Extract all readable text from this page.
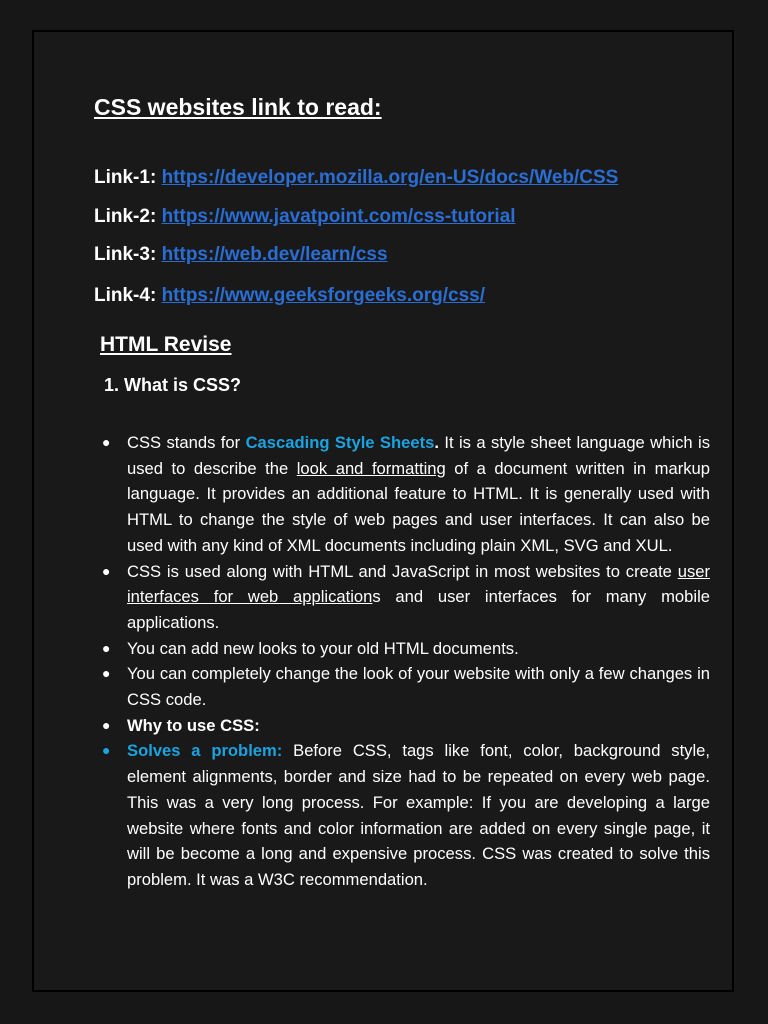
CSS websites link to read:
Link-1: https://developer.mozilla.org/en-US/docs/Web/CSS
Link-2: https://www.javatpoint.com/css-tutorial
Link-3: https://web.dev/learn/css
Link-4: https://www.geeksforgeeks.org/css/
HTML Revise
1. What is CSS?
● CSS stands for Cascading Style Sheets. It is a style sheet language which is used to describe the look and formatting of a document written in markup language. It provides an additional feature to HTML. It is generally used with HTML to change the style of web pages and user interfaces. It can also be used with any kind of XML documents including plain XML, SVG and XUL.
● CSS is used along with HTML and JavaScript in most websites to create user interfaces for web applications and user interfaces for many mobile applications.
● You can add new looks to your old HTML documents.
● You can completely change the look of your website with only a few changes in CSS code.
● Why to use CSS:
● Solves a problem: Before CSS, tags like font, color, background style, element alignments, border and size had to be repeated on every web page. This was a very long process. For example: If you are developing a large website where fonts and color information are added on every single page, it will be become a long and expensive process. CSS was created to solve this problem. It was a W3C recommendation.
